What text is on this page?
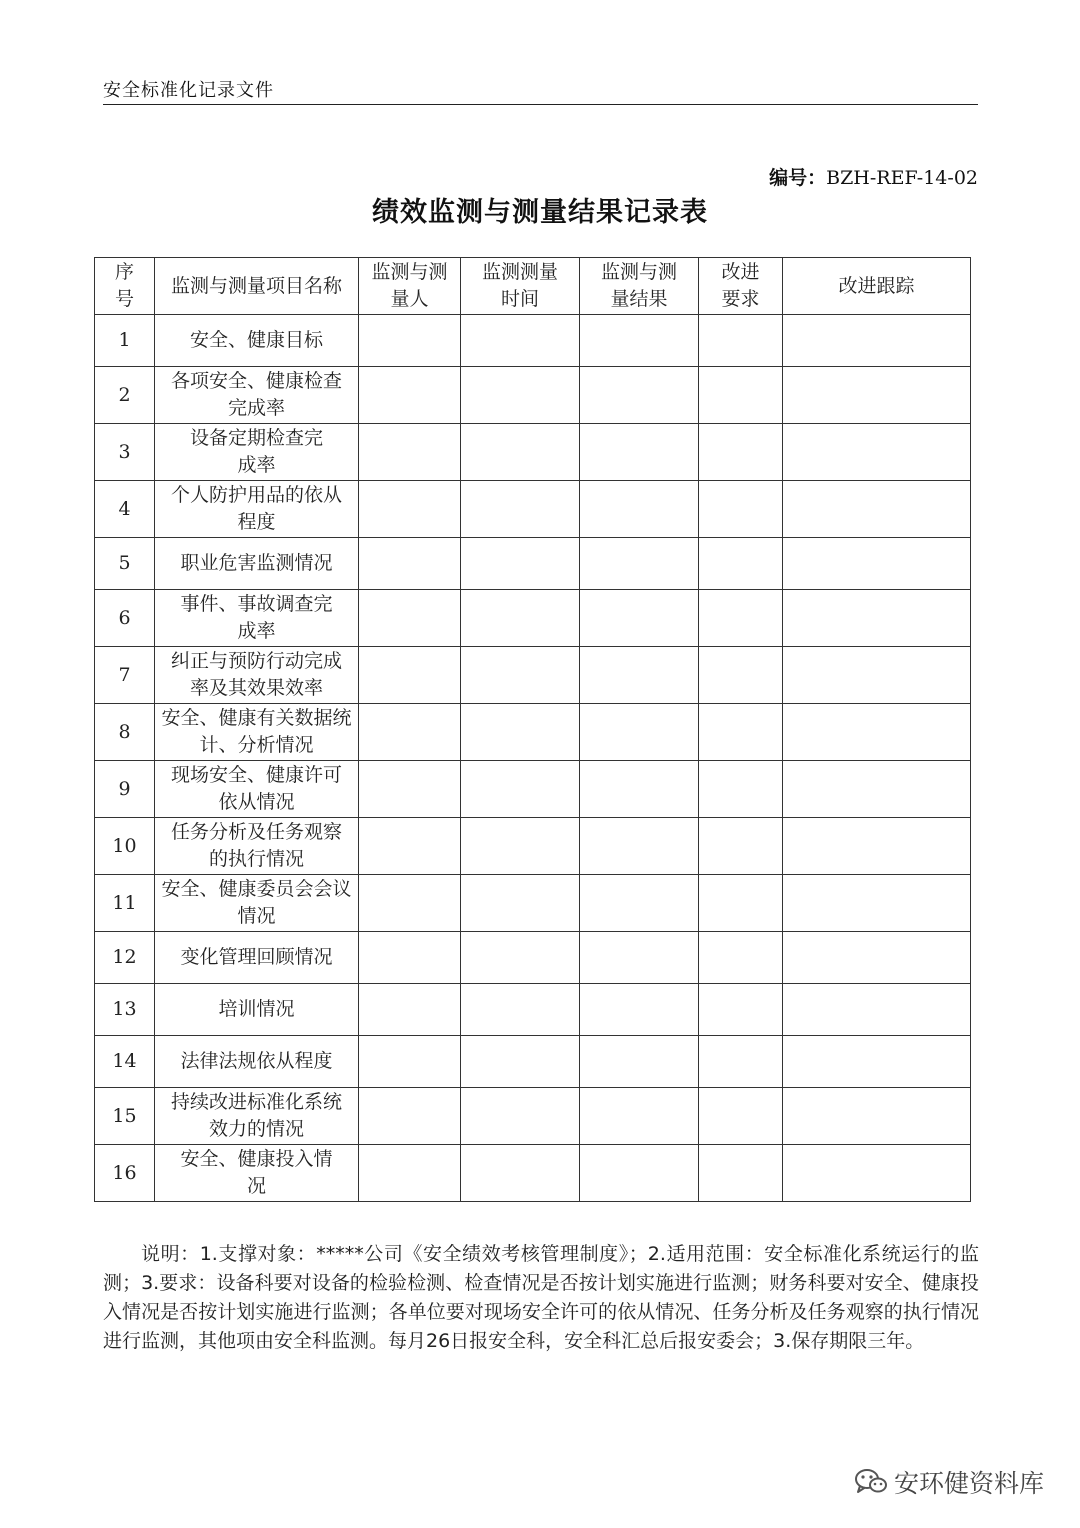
安全标准化记录文件
编号：BZH-REF-14-02
绩效监测与测量结果记录表
序号	监测与测量项目名称	监测与测量人	监测测量时间	监测与测量结果	改进要求	改进跟踪
1	安全、健康目标					
2	各项安全、健康检查完成率					
3	设备定期检查完成率					
4	个人防护用品的依从程度					
5	职业危害监测情况					
6	事件、事故调查完成率					
7	纠正与预防行动完成率及其效果效率					
8	安全、健康有关数据统计、分析情况					
9	现场安全、健康许可依从情况					
10	任务分析及任务观察的执行情况					
11	安全、健康委员会会议情况					
12	变化管理回顾情况					
13	培训情况					
14	法律法规依从程度					
15	持续改进标准化系统效力的情况					
16	安全、健康投入情况					
说明：1.支撑对象：*****公司《安全绩效考核管理制度》；2.适用范围：安全标准化系统运行的监测；3.要求：设备科要对设备的检验检测、检查情况是否按计划实施进行监测；财务科要对安全、健康投入情况是否按计划实施进行监测；各单位要对现场安全许可的依从情况、任务分析及任务观察的执行情况进行监测，其他项由安全科监测。每月26日报安全科，安全科汇总后报安委会；3.保存期限三年。
安环健资料库
